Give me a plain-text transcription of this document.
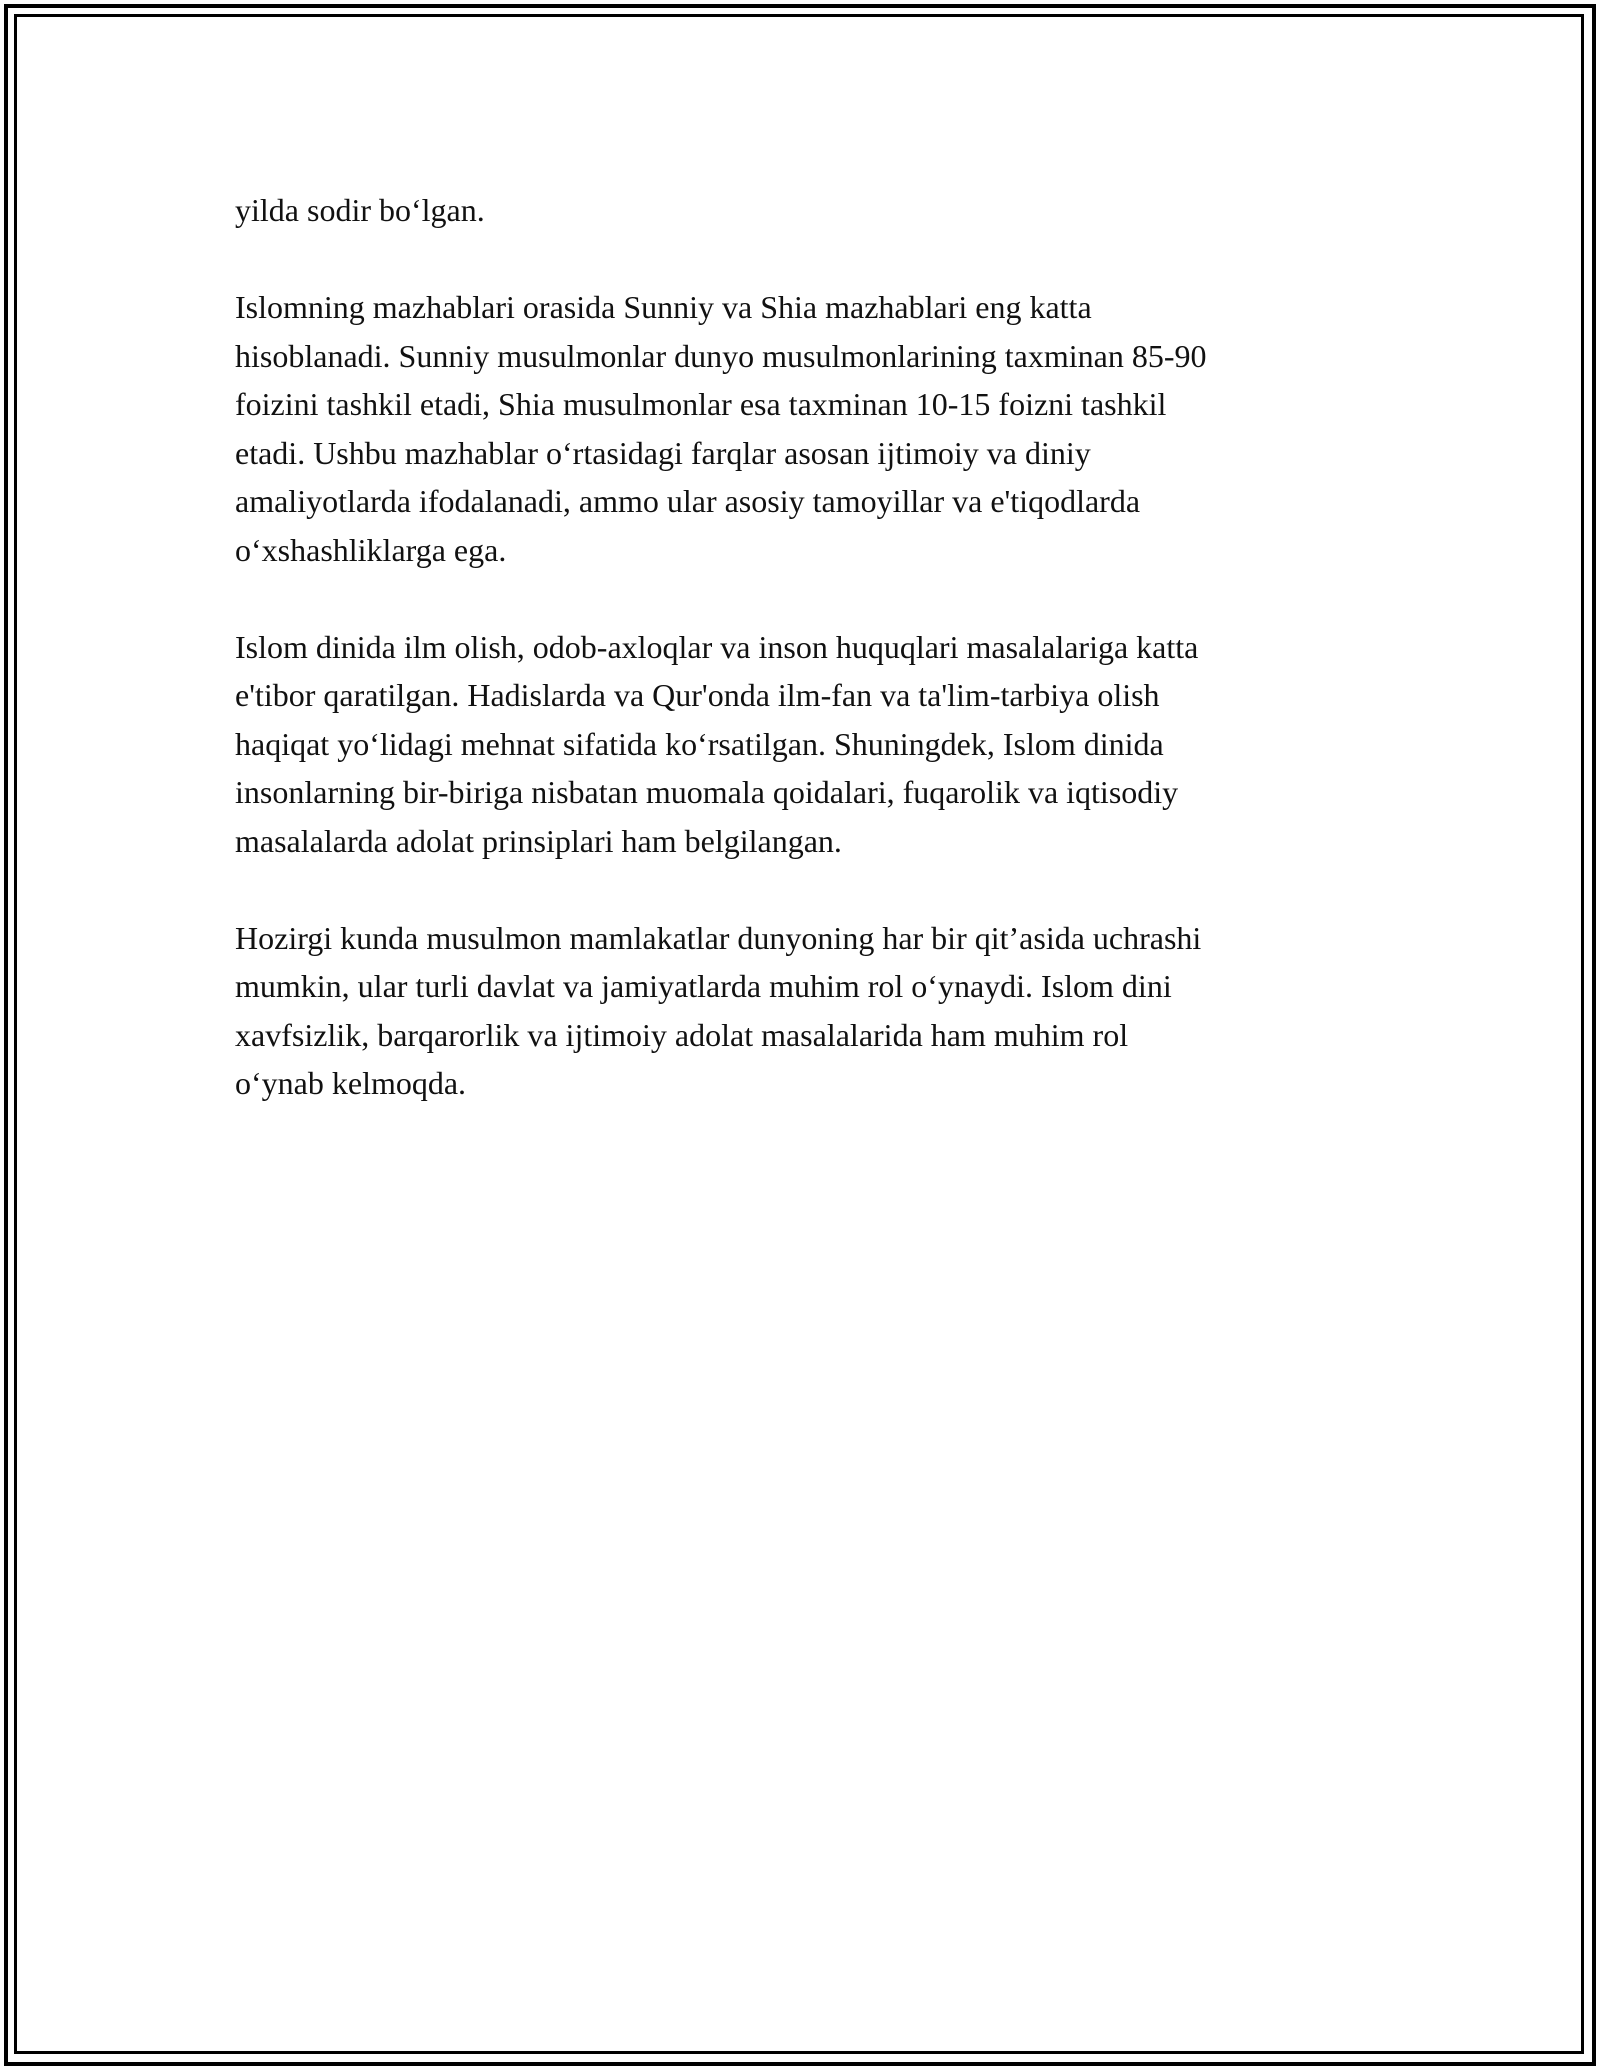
yilda sodir bo‘lgan.

Islomning mazhablari orasida Sunniy va Shia mazhablari eng katta
hisoblanadi. Sunniy musulmonlar dunyo musulmonlarining taxminan 85-90
foizini tashkil etadi, Shia musulmonlar esa taxminan 10-15 foizni tashkil
etadi. Ushbu mazhablar o‘rtasidagi farqlar asosan ijtimoiy va diniy
amaliyotlarda ifodalanadi, ammo ular asosiy tamoyillar va e'tiqodlarda
o‘xshashliklarga ega.

Islom dinida ilm olish, odob-axloqlar va inson huquqlari masalalariga katta
e'tibor qaratilgan. Hadislarda va Qur'onda ilm-fan va ta'lim-tarbiya olish
haqiqat yo‘lidagi mehnat sifatida ko‘rsatilgan. Shuningdek, Islom dinida
insonlarning bir-biriga nisbatan muomala qoidalari, fuqarolik va iqtisodiy
masalalarda adolat prinsiplari ham belgilangan.

Hozirgi kunda musulmon mamlakatlar dunyoning har bir qit’asida uchrashi
mumkin, ular turli davlat va jamiyatlarda muhim rol o‘ynaydi. Islom dini
xavfsizlik, barqarorlik va ijtimoiy adolat masalalarida ham muhim rol
o‘ynab kelmoqda.
